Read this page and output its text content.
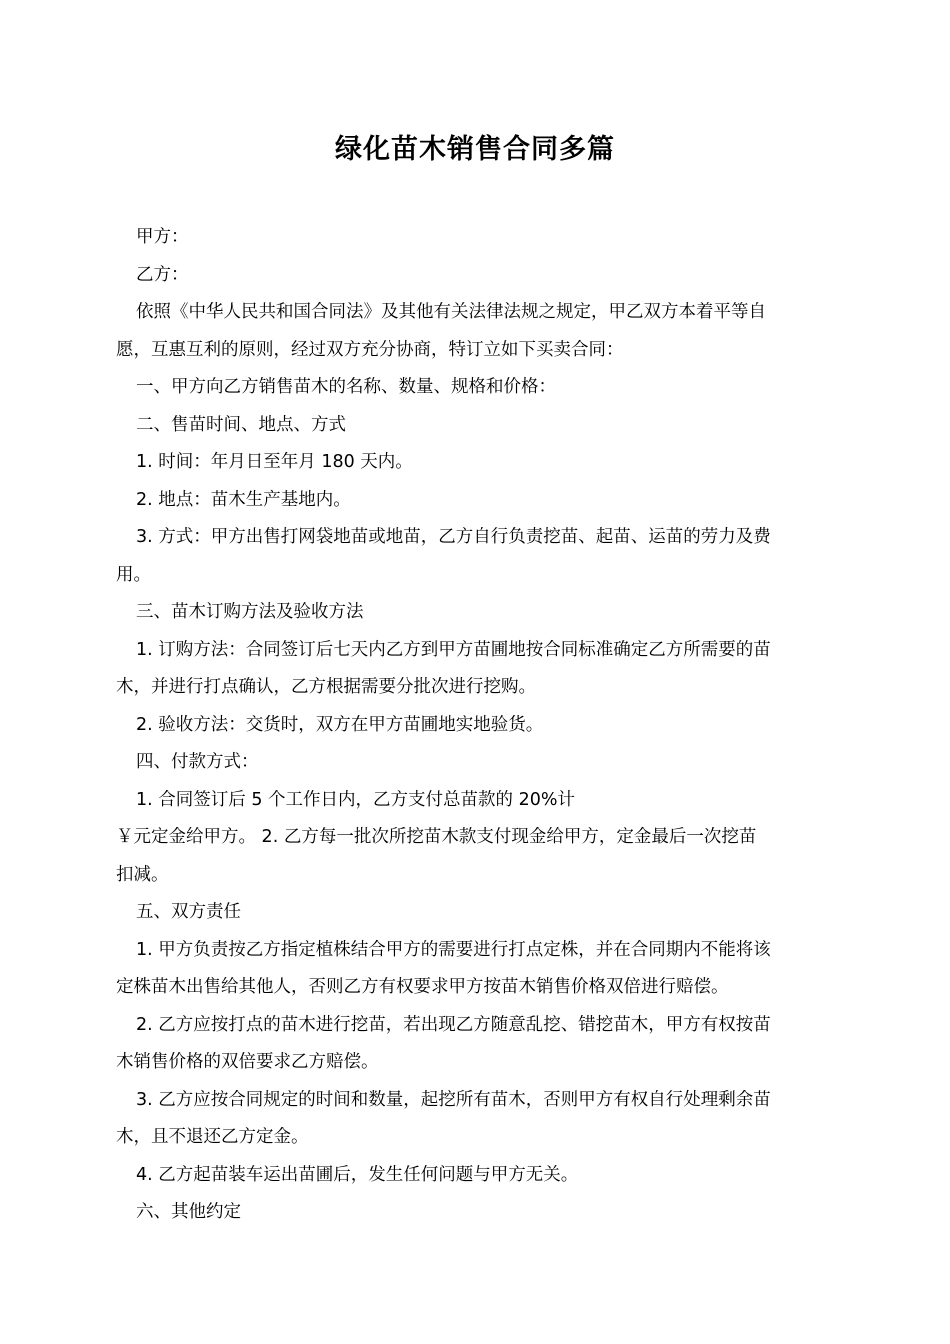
绿化苗木销售合同多篇
甲方：
乙方：
依照《中华人民共和国合同法》及其他有关法律法规之规定，甲乙双方本着平等自
愿，互惠互利的原则，经过双方充分协商，特订立如下买卖合同：
一、甲方向乙方销售苗木的名称、数量、规格和价格：
二、售苗时间、地点、方式
1. 时间：年月日至年月 180 天内。
2. 地点：苗木生产基地内。
3. 方式：甲方出售打网袋地苗或地苗，乙方自行负责挖苗、起苗、运苗的劳力及费
用。
三、苗木订购方法及验收方法
1. 订购方法：合同签订后七天内乙方到甲方苗圃地按合同标准确定乙方所需要的苗
木，并进行打点确认，乙方根据需要分批次进行挖购。
2. 验收方法：交货时，双方在甲方苗圃地实地验货。
四、付款方式：
1. 合同签订后 5 个工作日内，乙方支付总苗款的 20%计
￥元定金给甲方。 2. 乙方每一批次所挖苗木款支付现金给甲方，定金最后一次挖苗
扣减。
五、双方责任
1. 甲方负责按乙方指定植株结合甲方的需要进行打点定株，并在合同期内不能将该
定株苗木出售给其他人，否则乙方有权要求甲方按苗木销售价格双倍进行赔偿。
2. 乙方应按打点的苗木进行挖苗，若出现乙方随意乱挖、错挖苗木，甲方有权按苗
木销售价格的双倍要求乙方赔偿。
3. 乙方应按合同规定的时间和数量，起挖所有苗木，否则甲方有权自行处理剩余苗
木，且不退还乙方定金。
4. 乙方起苗装车运出苗圃后，发生任何问题与甲方无关。
六、其他约定
